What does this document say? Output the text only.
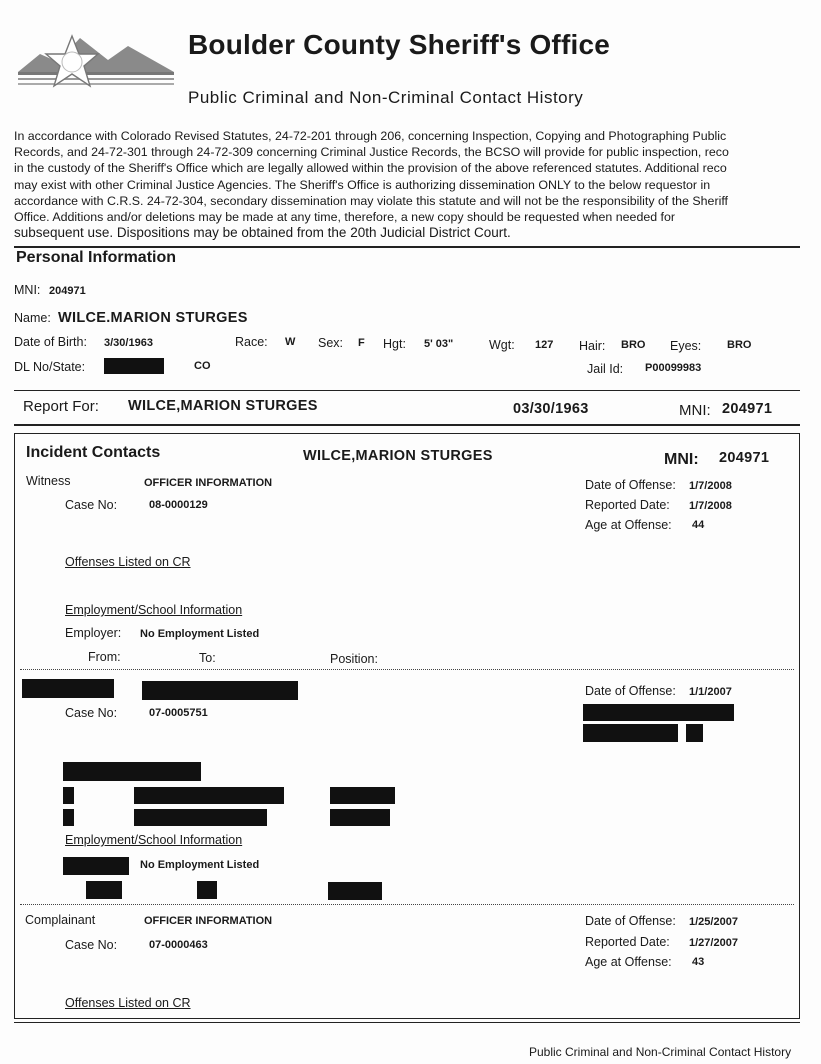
Boulder County Sheriff's Office
Public Criminal and Non-Criminal Contact History
In accordance with Colorado Revised Statutes, 24-72-201 through 206, concerning Inspection, Copying and Photographing Public
Records, and 24-72-301 through 24-72-309 concerning Criminal Justice Records, the BCSO will provide for public inspection, reco
in the custody of the Sheriff's Office which are legally allowed within the provision of the above referenced statutes. Additional reco
may exist with other Criminal Justice Agencies. The Sheriff's Office is authorizing dissemination ONLY to the below requestor in
accordance with C.R.S. 24-72-304, secondary dissemination may violate this statute and will not be the responsibility of the Sheriff
Office. Additions and/or deletions may be made at any time, therefore, a new copy should be requested when needed for
subsequent use. Dispositions may be obtained from the 20th Judicial District Court.
Personal Information
MNI: 204971
Name: WILCE.MARION STURGES
Date of Birth: 3/30/1963	Race: W Sex: F Hgt: 5' 03"	Wgt: 127 Hair: BRO Eyes: BRO
DL No/State:	CO	Jail Id: P00099983
Report For: WILCE,MARION STURGES	03/30/1963	MNI: 204971
Incident Contacts	WILCE,MARION STURGES	MNI: 204971
Witness	OFFICER INFORMATION
Case No:	08-0000129
Date of Offense: 1/7/2008
Reported Date: 1/7/2008
Age at Offense: 44
Offenses Listed on CR
Employment/School Information
Employer: No Employment Listed
From:	To:	Position:
Date of Offense: 1/1/2007
Case No:	07-0005751
Employment/School Information
No Employment Listed
Complainant	OFFICER INFORMATION	Date of Offense: 1/25/2007
Case No:	07-0000463	Reported Date: 1/27/2007
Age at Offense: 43
Offenses Listed on CR
Public Criminal and Non-Criminal Contact History
